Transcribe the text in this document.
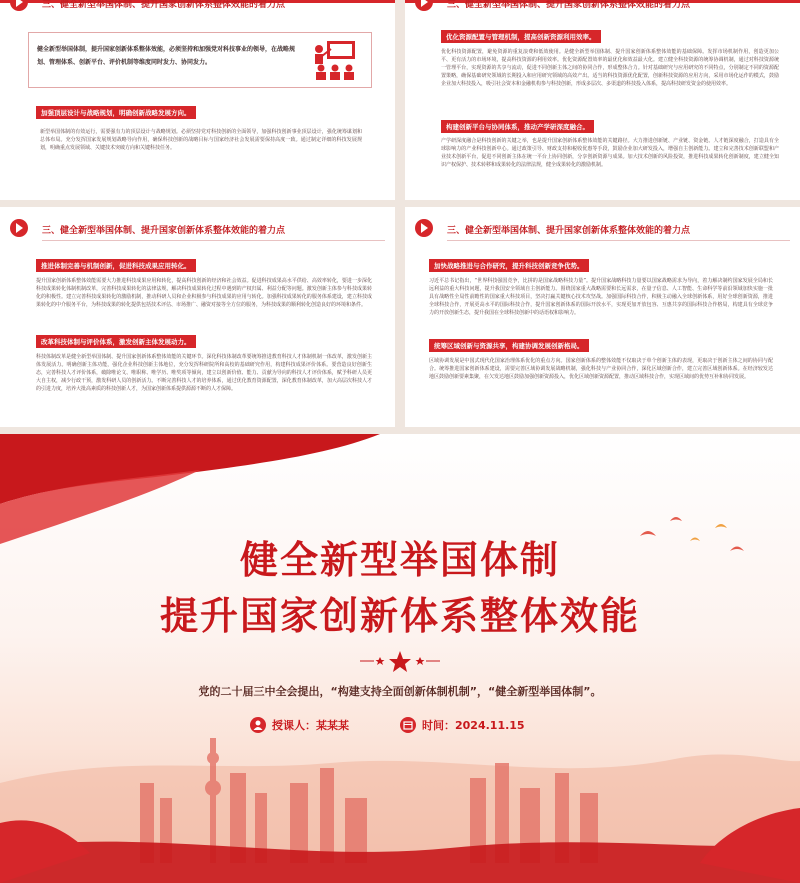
三、健全新型举国体制、提升国家创新体系整体效能的着力点
健全新型举国体制，提升国家创新体系整体效能，必须坚持和加强党对科技事业的领导，在战略规划、管理体系、创新平台、评价机制等维度同时发力、协同发力。
加强顶层设计与战略规划，明确创新战略发展方向。
新型举国体制的有效运行，需要强有力的顶层设计与战略规划。必须坚持党对科技创新的全面领导，加强科技创新事业顶层设计，强化统筹谋划和总体布局。充分发挥国家发展规划战略导向作用，确保科技创新的战略目标与国家经济社会发展需要保持高度一致。通过制定详细的科技发展规划，明确重点发展领域、关键技术突破方向和关键科技任务。
三、健全新型举国体制、提升国家创新体系整体效能的着力点
优化资源配置与管理机制，提高创新资源利用效率。
优化科技资源配置，避免资源的重复浪费和低效使用。是健全新型举国体制、提升国家创新体系整体效能的基础保障。发挥市场机制作用，创造更加公平、更有活力的市场环境，提高科技资源的利用效率。优化资源配置效率的最优化和效益最大化。建立健全科技资源的统筹协调机制，通过对科技资源统一管理平台，实现资源的共享与流动，促进不同创新主体之间的协同合作，形成整体合力。针对基础研究与应用研究的不同特点，分别制定不同的资源配置策略，确保基础研究领域的长期投入和应用研究领域的高效产出。适当的科技资源优化配置，创新科技资源的应用方向，采用市场化运作的模式，鼓励企业加大科技投入，吸引社会资本和金融机构参与科技创新，形成多层次、多渠道的科技投入体系，提高科技研发资金的使用效率。
构建创新平台与协同体系，推动产学研深度融合。
产学研深度融合是科技创新的关键之举，也是提升国家创新体系整体效能的关键路径。大力推进创新链、产业链、资金链、人才链深度融合，打造具有全球影响力的产业科技创新中心。通过政策引导、财政支持和税收优惠等手段，鼓励企业加大研发投入，增强自主创新能力。建立和完善技术创新联盟和产业技术创新平台，促进不同创新主体在统一平台上协同创新，分享创新资源与成果。加大技术创新的风险投资，推进科技成果转化创新制度，建立健全知识产权保护、技术转移和成果转化的法律法规，健全成果转化的激励机制。
三、健全新型举国体制、提升国家创新体系整体效能的着力点
推进体制完善与机制创新，促进科技成果应用转化。
提升国家创新体系整体效能需要大力推进科技成果应用和转化，提高科技创新的经济和社会效益。促进科技成果高水平供给、高效率转化，要进一步深化科技成果转化体制机制改革，完善科技成果转化的法律法规，解决科技成果转化过程中遇到的产权归属、利益分配等问题。激发创新主体参与科技成果转化的积极性。建立完善科技成果转化的激励机制，推动科研人员和企业积极参与科技成果的应用与转化。加强科技成果转化的服务体系建设，建立科技成果转化的中介服务平台，为科技成果的转化提供包括技术评估、市场推广、融资对接等全方位的服务，为科技成果的顺利转化创造良好的环境和条件。
改革科技体制与评价体系，激发创新主体发展动力。
科技体制改革是健全新型举国体制、提升国家创新体系整体效能的关键环节。深化科技体制改革要统筹推进教育科技人才体制机制一体改革，激发创新主体发展活力。明确创新主体功能，强化企业科技创新主体地位，充分发挥科研院所和高校的基础研究作用，构建科技成果评价体系。要营造良好创新生态，完善科技人才评价体系，破除唯论文、唯职称、唯学历、唯奖项等倾向，建立以创新价值、能力、贡献为导向的科技人才评价体系，赋予科研人员更大自主权，减少行政干预，激发科研人员的创新活力。不断完善科技人才的培养体系，通过优化教育资源配置，深化教育体制改革，加大高层次科技人才的引进力度，培养大批高素质的科技创新人才，为国家创新体系提供源源不断的人才保障。
三、健全新型举国体制、提升国家创新体系整体效能的着力点
加快战略推进与合作研究，提升科技创新竞争优势。
习近平总书记指出，“世界科技强国竞争，比拼的是国家战略科技力量”。提升国家战略科技力量要以国家战略需求为导向，着力解决制约国家发展全局和长远利益的重大科技问题，提升我国安全领域自主创新能力。围绕国家重大战略需要和长远需求，在量子信息、人工智能、生命科学等前沿领域加快实施一批具有战略性全局性前瞻性的国家重大科技项目，坚决打赢关键核心技术攻坚战。加强国际科技合作，积极主动融入全球创新体系，用好全球创新资源，推进全球科技合作，开展更高水平的国际科技合作，提升国家创新体系的国际开放水平，实现更加开放包容、互惠共享的国际科技合作格局，构建具有全球竞争力的开放创新生态，提升我国在全球科技创新中的话语权和影响力。
统筹区域创新与资源共享，构建协调发展创新格局。
区域协调发展是中国式现代化国家治理体系优化的重点方向。国家创新体系的整体效能不仅取决于单个创新主体的表现，更取决于创新主体之间的协同与配合。统筹推进国家创新体系建设，需要完善区域协调发展战略机制，强化科技与产业协同合作，深化区域创新合作，建立完善区域创新体系。在经济较发达地区鼓励创新要素集聚，在欠发达地区鼓励加强创新资源投入，优化区域创新资源配置，推动区域科技合作，实现区域间的优势互补和协同发展。
健全新型举国体制
提升国家创新体系整体效能
党的二十届三中全会提出，“构建支持全面创新体制机制”，“健全新型举国体制”。
授课人：某某某	时间：2024.11.15
